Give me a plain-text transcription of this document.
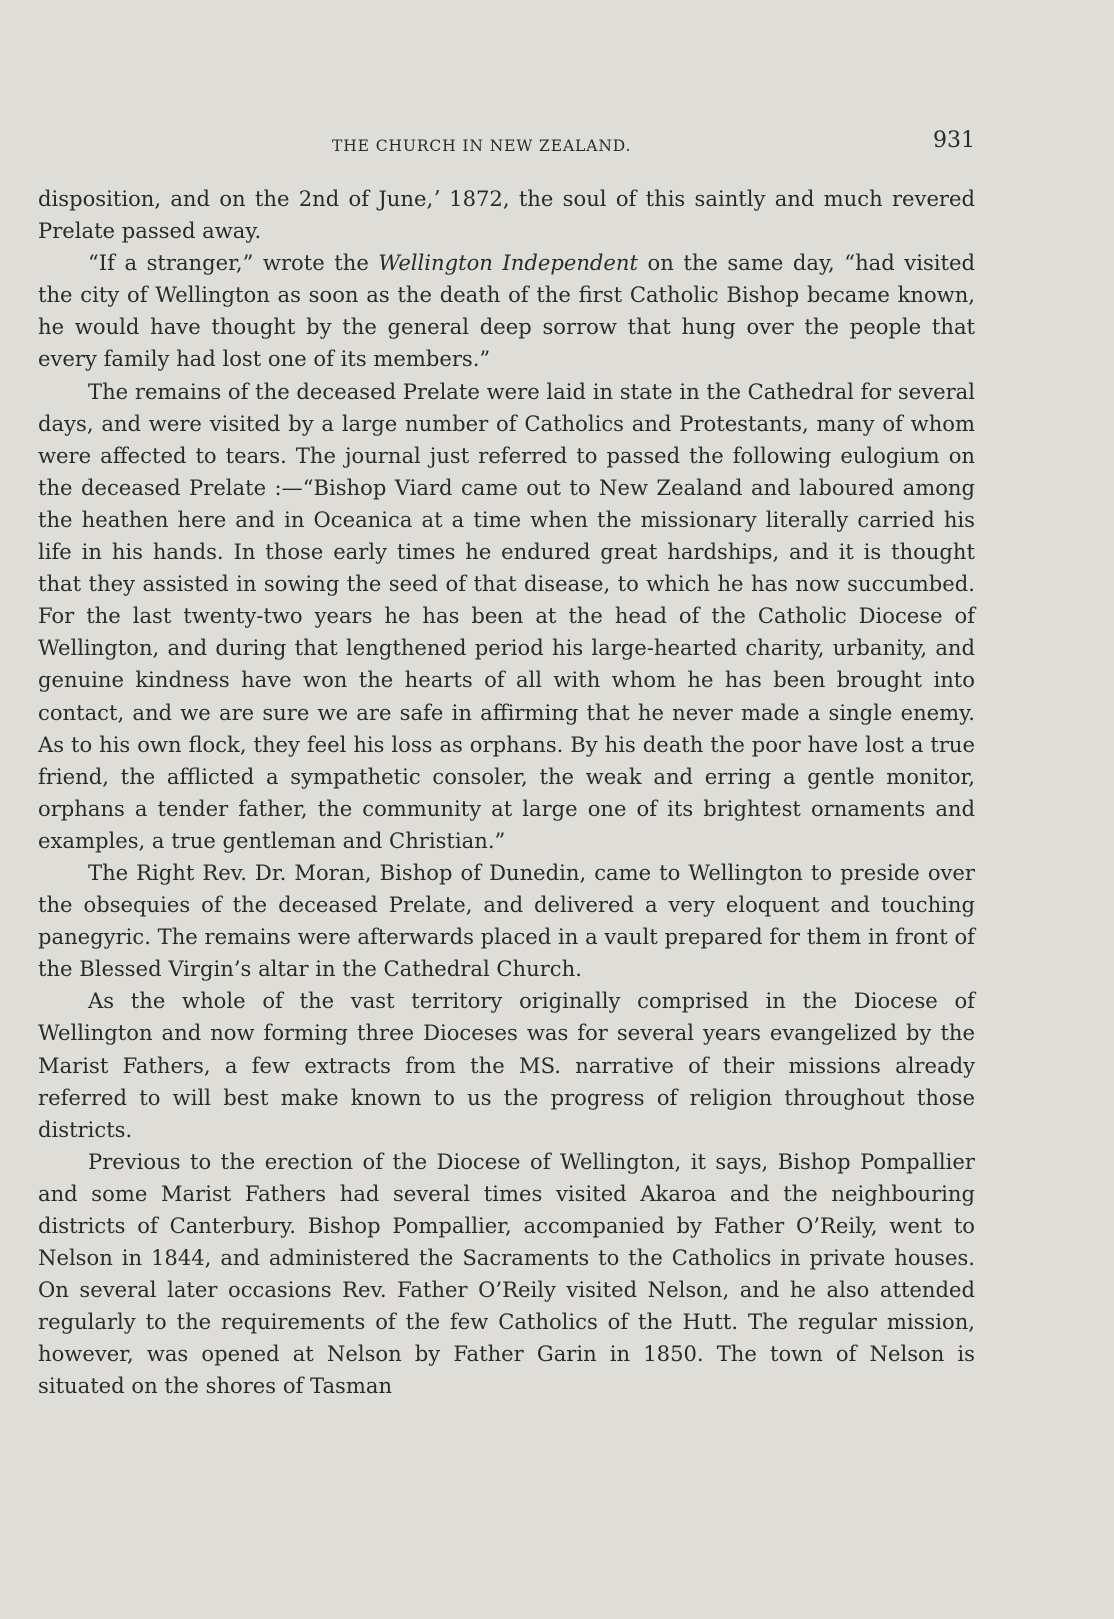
THE CHURCH IN NEW ZEALAND.	931

disposition, and on the 2nd of June,ʼ 1872, the soul of this saintly and much revered Prelate passed away.

“If a stranger,” wrote the Wellington Independent on the same day, “had visited the city of Wellington as soon as the death of the first Catholic Bishop became known, he would have thought by the general deep sorrow that hung over the people that every family had lost one of its members.”

The remains of the deceased Prelate were laid in state in the Cathedral for several days, and were visited by a large number of Catholics and Protestants, many of whom were affected to tears. The journal just referred to passed the following eulogium on the deceased Prelate :—“Bishop Viard came out to New Zealand and laboured among the heathen here and in Oceanica at a time when the missionary literally carried his life in his hands. In those early times he endured great hardships, and it is thought that they assisted in sowing the seed of that disease, to which he has now succumbed. For the last twenty-two years he has been at the head of the Catholic Diocese of Wellington, and during that lengthened period his large-hearted charity, urbanity, and genuine kindness have won the hearts of all with whom he has been brought into contact, and we are sure we are safe in affirming that he never made a single enemy. As to his own flock, they feel his loss as orphans. By his death the poor have lost a true friend, the afflicted a sympathetic consoler, the weak and erring a gentle monitor, orphans a tender father, the community at large one of its brightest ornaments and examples, a true gentleman and Christian.”

The Right Rev. Dr. Moran, Bishop of Dunedin, came to Wellington to preside over the obsequies of the deceased Prelate, and delivered a very eloquent and touching panegyric. The remains were afterwards placed in a vault prepared for them in front of the Blessed Virgin’s altar in the Cathedral Church.

As the whole of the vast territory originally comprised in the Diocese of Wellington and now forming three Dioceses was for several years evangelized by the Marist Fathers, a few extracts from the MS. narrative of their missions already referred to will best make known to us the progress of religion throughout those districts.

Previous to the erection of the Diocese of Wellington, it says, Bishop Pompallier and some Marist Fathers had several times visited Akaroa and the neighbouring districts of Canterbury. Bishop Pompallier, accompanied by Father O’Reily, went to Nelson in 1844, and administered the Sacraments to the Catholics in private houses. On several later occasions Rev. Father O’Reily visited Nelson, and he also attended regularly to the requirements of the few Catholics of the Hutt. The regular mission, however, was opened at Nelson by Father Garin in 1850. The town of Nelson is situated on the shores of Tasman
